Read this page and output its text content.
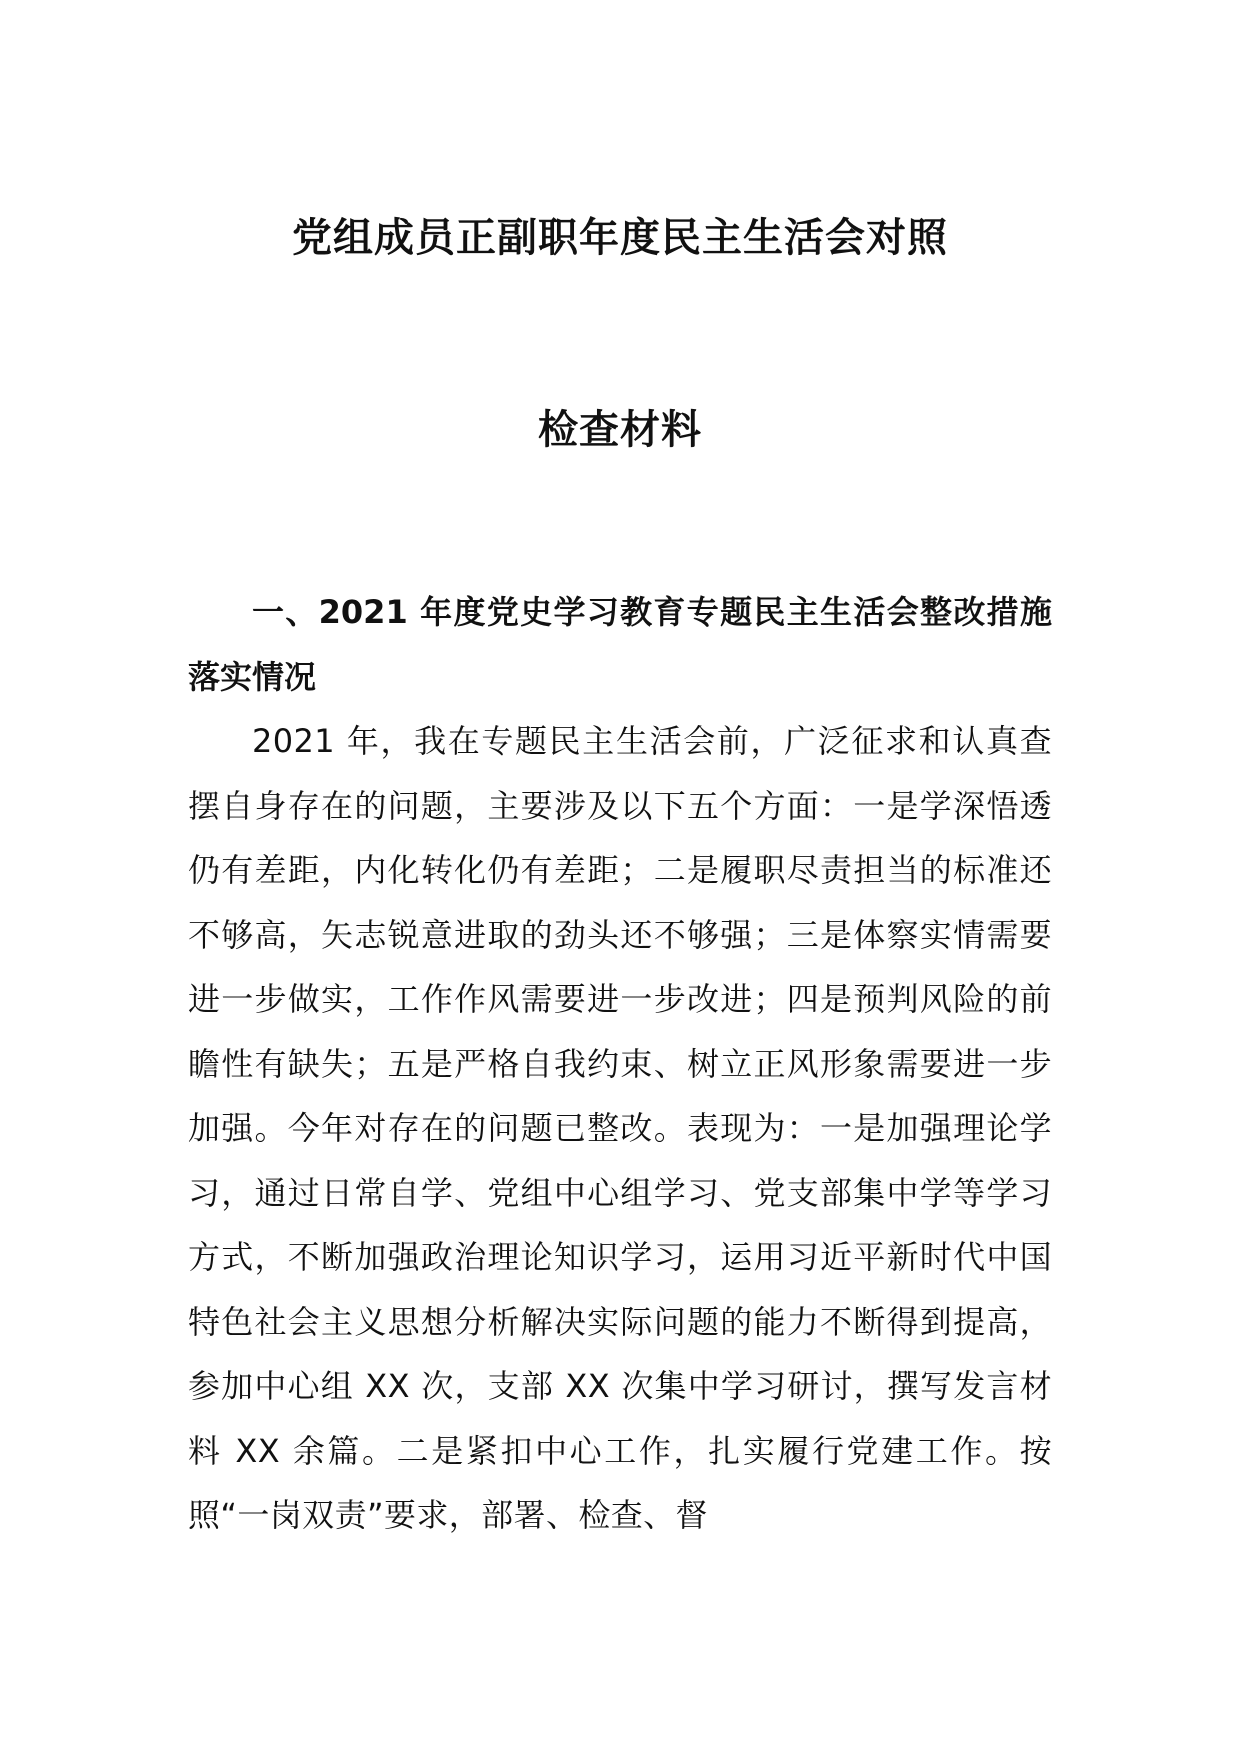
党组成员正副职年度民主生活会对照
检查材料

一、2021 年度党史学习教育专题民主生活会整改措施落实情况

2021 年，我在专题民主生活会前，广泛征求和认真查摆自身存在的问题，主要涉及以下五个方面：一是学深悟透仍有差距，内化转化仍有差距；二是履职尽责担当的标准还不够高，矢志锐意进取的劲头还不够强；三是体察实情需要进一步做实，工作作风需要进一步改进；四是预判风险的前瞻性有缺失；五是严格自我约束、树立正风形象需要进一步加强。今年对存在的问题已整改。表现为：一是加强理论学习，通过日常自学、党组中心组学习、党支部集中学等学习方式，不断加强政治理论知识学习，运用习近平新时代中国特色社会主义思想分析解决实际问题的能力不断得到提高，参加中心组 XX 次，支部 XX 次集中学习研讨，撰写发言材料 XX 余篇。二是紧扣中心工作，扎实履行党建工作。按照“一岗双责”要求，部署、检查、督
